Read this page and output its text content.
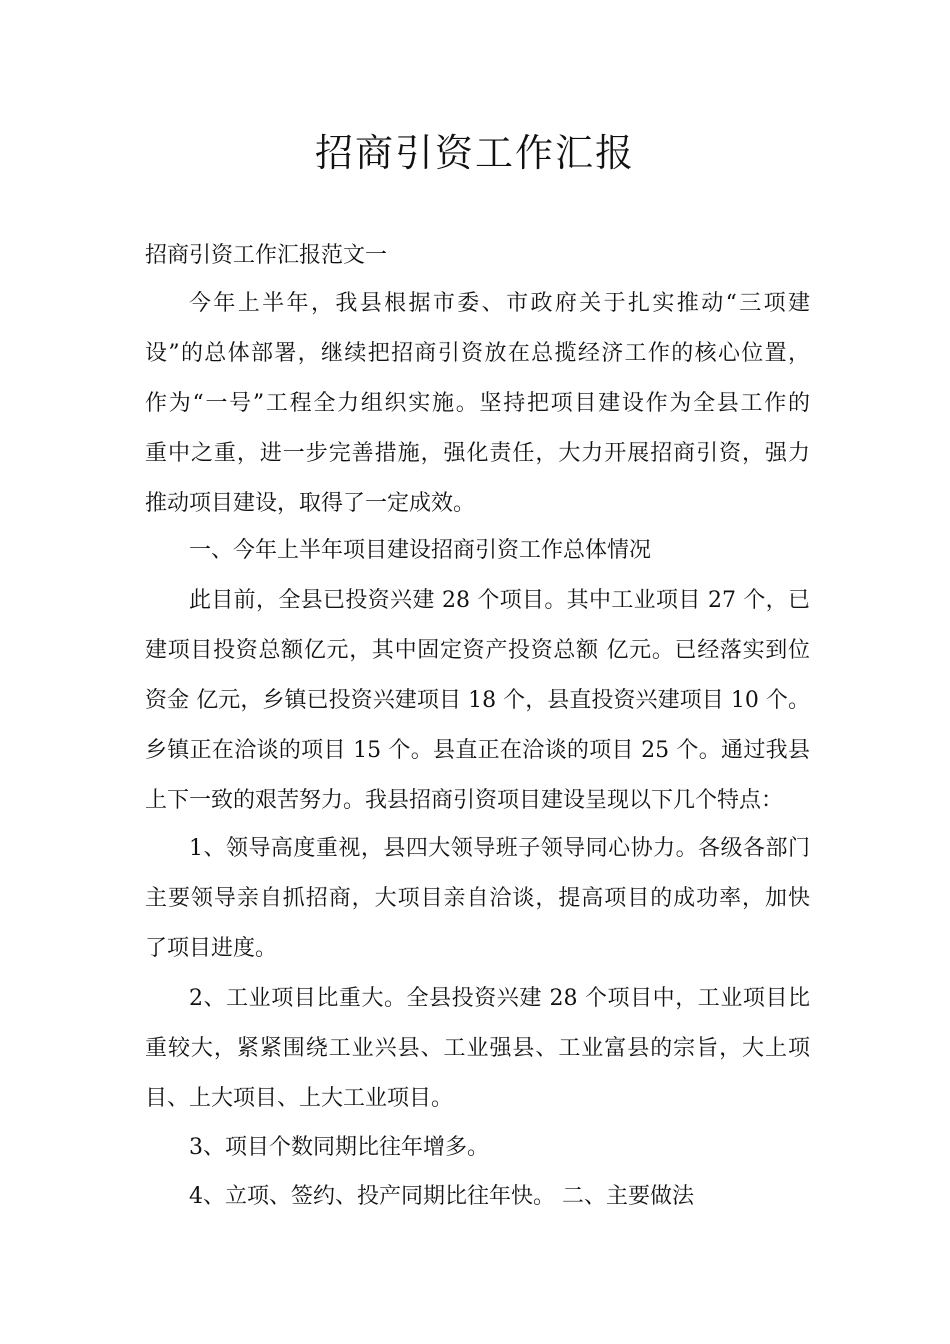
招商引资工作汇报
招商引资工作汇报范文一
今年上半年，我县根据市委、市政府关于扎实推动“三项建
设”的总体部署，继续把招商引资放在总揽经济工作的核心位置，
作为“一号”工程全力组织实施。坚持把项目建设作为全县工作的
重中之重，进一步完善措施，强化责任，大力开展招商引资，强力
推动项目建设，取得了一定成效。
一、今年上半年项目建设招商引资工作总体情况
此目前，全县已投资兴建 28 个项目。其中工业项目 27 个，已
建项目投资总额亿元，其中固定资产投资总额 亿元。已经落实到位
资金 亿元，乡镇已投资兴建项目 18 个，县直投资兴建项目 10 个。
乡镇正在洽谈的项目 15 个。县直正在洽谈的项目 25 个。通过我县
上下一致的艰苦努力。我县招商引资项目建设呈现以下几个特点：
1、领导高度重视，县四大领导班子领导同心协力。各级各部门
主要领导亲自抓招商，大项目亲自洽谈，提高项目的成功率，加快
了项目进度。
2、工业项目比重大。全县投资兴建 28 个项目中，工业项目比
重较大，紧紧围绕工业兴县、工业强县、工业富县的宗旨，大上项
目、上大项目、上大工业项目。
3、项目个数同期比往年增多。
4、立项、签约、投产同期比往年快。 二、主要做法
